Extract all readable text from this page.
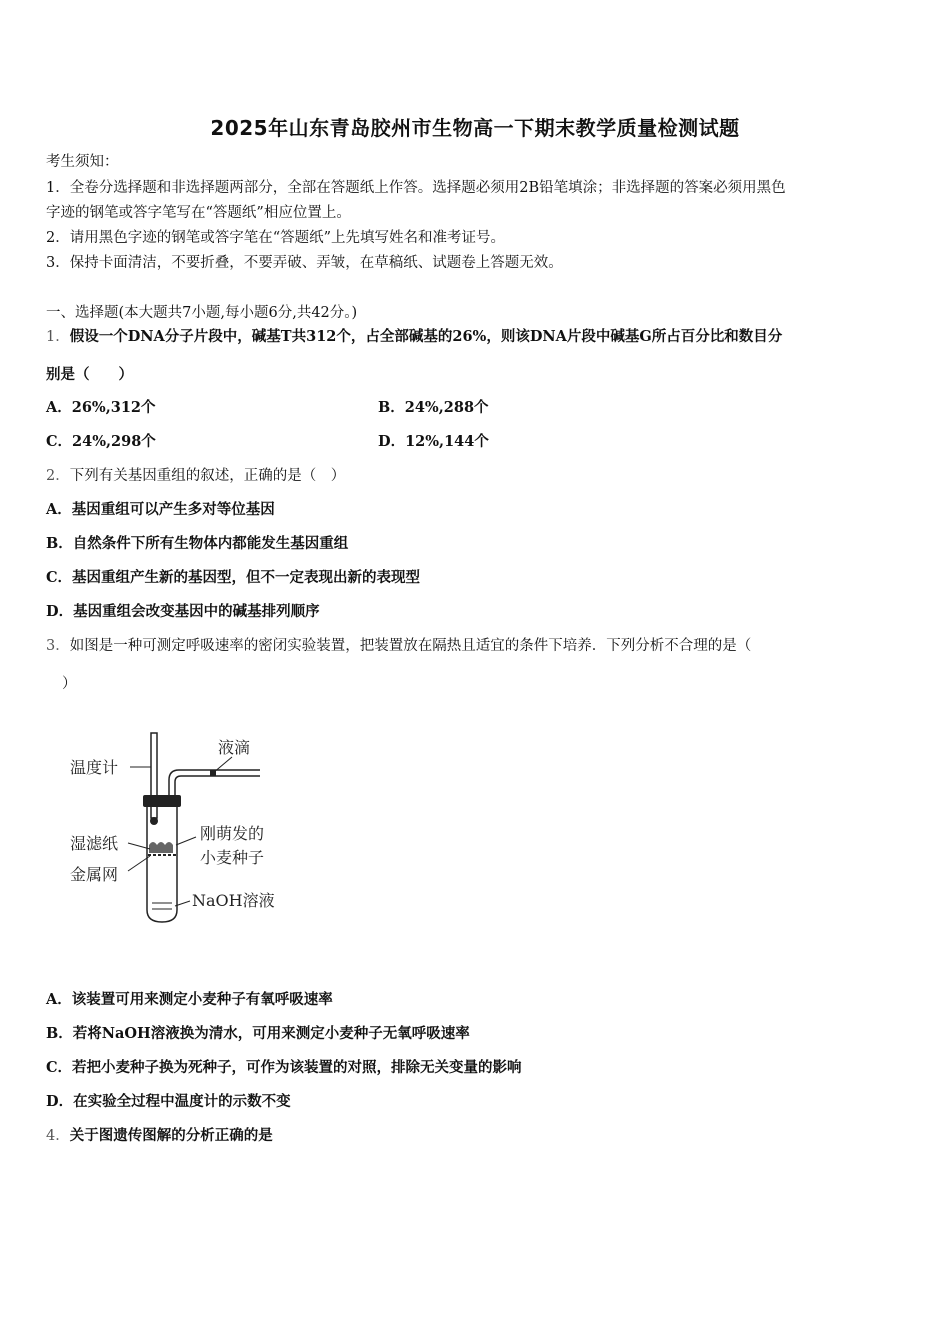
2025年山东青岛胶州市生物高一下期末教学质量检测试题
考生须知：
1．全卷分选择题和非选择题两部分，全部在答题纸上作答。选择题必须用2B铅笔填涂；非选择题的答案必须用黑色
字迹的钢笔或答字笔写在“答题纸”相应位置上。
2．请用黑色字迹的钢笔或答字笔在“答题纸”上先填写姓名和准考证号。
3．保持卡面清洁，不要折叠，不要弄破、弄皱，在草稿纸、试题卷上答题无效。
一、选择题(本大题共7小题,每小题6分,共42分。)
1．假设一个DNA分子片段中，碱基T共312个，占全部碱基的26%，则该DNA片段中碱基G所占百分比和数目分
别是（　　）
A．26%,312个	B．24%,288个
C．24%,298个	D．12%,144个
2．下列有关基因重组的叙述，正确的是（　）
A．基因重组可以产生多对等位基因
B．自然条件下所有生物体内都能发生基因重组
C．基因重组产生新的基因型，但不一定表现出新的表现型
D．基因重组会改变基因中的碱基排列顺序
3．如图是一种可测定呼吸速率的密闭实验装置，把装置放在隔热且适宜的条件下培养．下列分析不合理的是（
）
温度计
液滴
湿滤纸
刚萌发的
小麦种子
金属网
NaOH溶液
A．该装置可用来测定小麦种子有氧呼吸速率
B．若将NaOH溶液换为清水，可用来测定小麦种子无氧呼吸速率
C．若把小麦种子换为死种子，可作为该装置的对照，排除无关变量的影响
D．在实验全过程中温度计的示数不变
4．关于图遗传图解的分析正确的是
